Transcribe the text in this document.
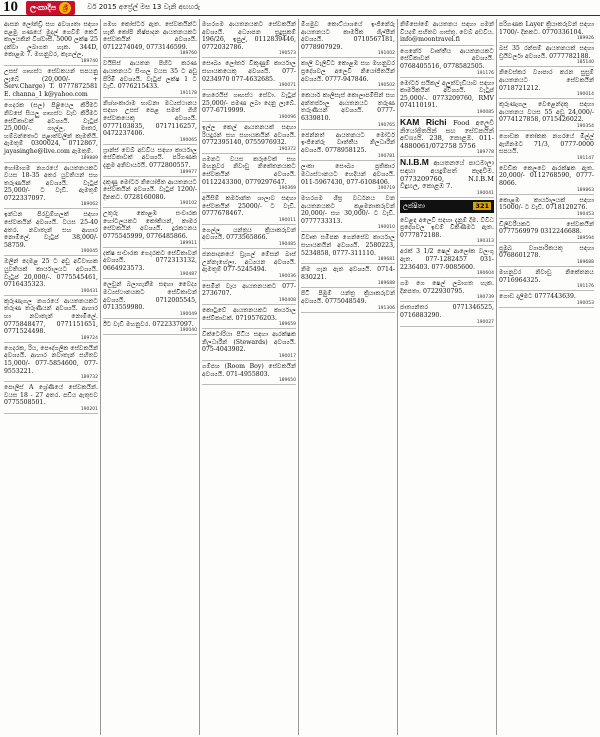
10	ලංකාදීප ශ්‍රී	වර් 2015 අප්‍රේල් මස 13 වැනි අඟහරු
ආසන ලෝන්ඩ්‍රි සහ අවශ්‍යතා සඳහා පළමු ගණයේ මුදල් ගෙවීම් කෙටි කාලයකින් විශ්වාසී. 5000 ලක්ෂ 25 දක්වා ලබාගත හැක. 344D, කොළඹ 7. මහනුවර, කෑගල්ල.
189740
උසස් ගෘහස්ථ සේවකයන් සපයනු ලැබේ (20,000/- + Serv.Charge) T. 0777872581 E. channa_1 k@yahoo.com
ගෙදරක (සල) පිළියෙල කිරීමට නිවසේ සියලු ගෘහස්ථ වැඩ කිරීමට සේවිකාවක් අවශ්‍යයි. වැටුප් 25,000/-. ගාල්ල, මාතර, හම්බන්තොට පළාත්වලින් කැමතියි. ඇමතුම් 0300024, 0712867, jayasinghe@live.com ඇමතුම්.
189889
හෝමාගම නගරයේ ආයතනයකට වයස 18-35 අතර යුවතියන් සහ තරුණයින් අවශ්‍යයි. වැටුප් 25,000/- ට වැඩි. ඇමතුම් 0722337097.
189062
ඉන්ධන පිරවුම්හලක් සඳහා සේවකයින් අවශ්‍යයි. වයස 25-40 අතර. නවාතැන් සහ ආහාර නොමිලේ. වැටුප් 38,000/- 58759.
190045
ඔලින් දෙමළ 25 ට අඩු අවිවාහක යුවතියක් කාර්යාලයට අවශ්‍යයි. වැටුප් 20,000/-. 0775545461, 0716435323.
190431
කුරුණෑගල නගරයේ ආයතනයකට තරුණ තරුණියන් අවශ්‍යයි. ආහාර හා නවාතැන් නොමිලේ. 0775848477, 0771151651, 0771524498.
189724
ගෙදරක, රිය, පෞද්ගලික සේවකයින් අවශ්‍යයි. ආහාර නවාතැන් සහිතව 15,000/- 077-5854600, 077-9553221.
189732
පොලිස් A ශ්‍රේණියේ සේවකයින්. වයස 18 - 27 අතර. පඩිය ඇතුළුව 0775508501.
190201
ගමහ කෝස්ටර් ඇත. සේවකයින්ට හැකි කෝපි නිෂ්පාදන ආයතනයකට සේවකයින් අවශ්‍යයි. 0712274049, 0773146599.
189760
වයිසිස් ආයතන පිහිට කරණ ආයතනයට සිංහල වයස 35 ට අඩු පිරිමි අවශ්‍යයි. වැටුප් ලක්ෂ 1 ට වැඩි. 0776215433.
191178
නිශ්ශංකාරාම භාවනා මධ්‍යස්ථානය සඳහා උසස් පෙළ සමත් ගිහි සේවකයෙකු අවශ්‍යයි. 0777103835, 0717116257, 0472237406.
190065
ෆ්‍රාන්ස් වෙබ් අඩවිය සඳහා කාර්යාල සේවිකාවක් අවශ්‍යයි. පරිගණක දැනුම අනිවාර්යයි. 0772800557.
189977
දකුණු මෝටර් නියෝජිත ආයතනයට සේවකයින් අවශ්‍යයි. වැටුප් 1200/- දිනකට. 0728160080.
190102
උතුරු කොළඹ සංචාරක හෝටලයකට කෝකියන්, කාමර සේවකයින් අවශ්‍යයි. දුරකථනය 0775545999, 0776485866.
189911
දක්ෂ සංචාරක ගෙදරකට සේවිකාවන් අවශ්‍යයි. 0772313132, 0664923573.
190487
ලෙඩුන් බලාගැනීම සඳහා වෛද්‍ය මධ්‍යස්ථානයකට සේවිකාවන් අවශ්‍යයි. 0712005545, 0713559980.
190049
ඊට වැඩි මහනුවර. 0722337097.
190040
මහරගම ආයතනයකට සේවකයින් අවශ්‍යයි. අධ්‍යාපන සුදුසුකම් 196/26, ඉපුල්, 0112839446, 0772032786.
190573
සෞඛ්‍ය ලෝතර් විකුණුම් කාර්යාල සහායකයෙකු අවශ්‍යයි. 077-0234970 077-4632685.
190071
හෙරෙයිස් ගෘහස්ථ සේවා. වැටුප් 25,000/- පමණ ලබා දෙනු ලැබේ. 077-6719999.
190096
ඉල්ල කෙල් ආයතනයක් සඳහා රියදුරන් සහ සහායකයින් අවශ්‍යයි. 0772395140, 0755976932.
190372
ගමනට වයස කරුවෙක් සහ මහනුවර නිවාඩු නිකේතනයකට සේවකයින් අවශ්‍යයි. 0112243300, 0779297647.
190369
අයිසිම් කර්මාන්ත ශාලාව සඳහා සේවකයින් 25000/- ට වැඩි. 0777678467.
190011
ගෙල්ල යන්ත්‍රය ක්‍රියාකරුවන් අවශ්‍යයි. 0773565866.
190485
ජනපාදනයේ ඩ්‍රැගල් මේසන් බාස් උන්නැහේලා. අධ්‍යයන අවශ්‍යයි. ඇමතුම් 077-5245494.
190036
සෙමින් වෑය ආයතනයකට 077-2736707.
190408
කොටුවේ ආයතනයකට කාර්යාල සේවිකාවක්. 0719576203.
189659
වික්ටෝරියා පිටිය සඳහා ආරක්ෂක නිලධාරීන් (Stewards) අවශ්‍යයි. 075-4043902.
190017
ගම්පහ (Room Boy) සේවකයින් අවශ්‍යයි. 071-4955803.
189650
මීගමුව කොට්ඨාශයේ ඉංජිනේරු ආයතනයට කාර්මික ශිල්පීන් අවශ්‍යයි. 0710567181, 0778907929.
191002
කාලි වැලිවිට කොළඹ සහ මහනුවර ප්‍රදේශවල අලෙවි නියෝජිතයින් අවශ්‍යයි. 0777-947846.
190502
කෙයාර් කාලිසැස් කොලාපමිසින් සහ අන්තර්ජාල ආයතනයට තරුණ තරුණියන් අවශ්‍යයි. 0777-6339810.
190765
ජෙන්නත් ආයතනයට මෝටර් ඉංජිනේරු වෘත්තීය නිලධාරීන් අවශ්‍යයි. 0778958125.
190781
ලංකා සෞඛ්‍ය ප්‍රතිකාර මධ්‍යස්ථානයට හෙදියන් අවශ්‍යයි. 011-5967430, 077-6108406.
190719
මහරගම ශීඝ්‍ර වර්ධනය වන ආයතනයකට කළමනාකරුවන් 20,000/- සහ 30,000/- ට වැඩි. 0777733313.
190010
විවෘත සමීපක ගෙන්සේව කාර්යාල සහායකයින් අවශ්‍යයි. 2580223, 5234858, 0777-311110.
189681
නිම ගැන ඇත අවශ්‍යයි. 0714-830221.
189688
පිටි පිඹුම් යන්ත්‍ර ක්‍රියාකරුවන් අවශ්‍යයි. 0775048549.
191306
නිම්සෝමේ ආයතනය සඳහා ගමන් වියදම් සහිතව ගාස්තු. වෙබ් අඩවිය. info@moontravel.fi
ගෙනේර් වෘත්තීය ආයතනයකට සේවිකාවන් අවශ්‍යයි. 0768405516, 0778582505.
191176
මෝටර් සයිකල් අලුත්වැඩියාව සඳහා කාර්මිකයින් අවශ්‍යයි. වැටුප් 25,000/-. 0773209760, RMV 074110191.
190085
KAM Richi Food අලෙවි නියෝජිතයින් සහ සේවකයින් අවශ්‍යයි. 238, කොළඹ. 011-4880061/072758 5756
189778
N.I.B.M ආයතනයේ පාඨමාලා සඳහා අයදුම්පත් කැඳවීම. 0773209760, N.I.B.M විදුහල, කොළඹ 7.
190041
ලක්ෂිතා	321
වෙළඳ අලෙවි සඳහා දැනුම් දීම. විවිධ ප්‍රදේශවල ඉඩම් විකිණීමට ඇත. 0777872188.
190313
අරක් 3 1/2 ෂෙල් ආලෝක වලංගු ඇත. 077-1282457 031-2236403. 077-9085600.
190604
ගම ගෙ ෂෙල් ලබාගත හැක. දිනපතා. 0722930795.
190739
ජාත්‍යන්තර 0771346525, 0716883290.
190027
පරිගණක Layer ක්‍රියාකරුවන් සඳහා 1700/- දිනකට. 0770336104.
189926
බස් 35 රන්සම් ආයතනයක් සඳහා ඩ්‍රයිවර්ලා අවශ්‍යයි. 0777782188.
185140
නිවෙස්කර ව්‍යාපාර කරන සුසුම් ආයතනයට සේවකයින් 0718721212.
190014
කුරුණෑගල වෙළෙන්දකු සඳහා ආයතනය වයස 55 අඩු 24,000/- 0774127858, 0715426022.
190354
ගොඩක තෝකක නගරයේ මිල්ල් ඇහිනමට 71/3, 0777-0000 සපයයි.
191147
වෙඩික කෙලවෙ ආරක්ෂක ඇත. 20,000/- 0112768590, 0777-8066.
189863
කොළඹ කාර්යාලයක් සඳහා 15000/- ට වැඩි. 0718120276.
190453
ඩිලිවරීයකට සේවකයින් 0777569979 0312246688.
189594
ප්‍රමුඛ ව්‍යාපාරිකයකු සඳහා 0768601278.
189688
මහනුවර නිවාඩු නිකේතනය 0716964325.
191176
ගොඩ දාලීමට 0777443639.
190053
